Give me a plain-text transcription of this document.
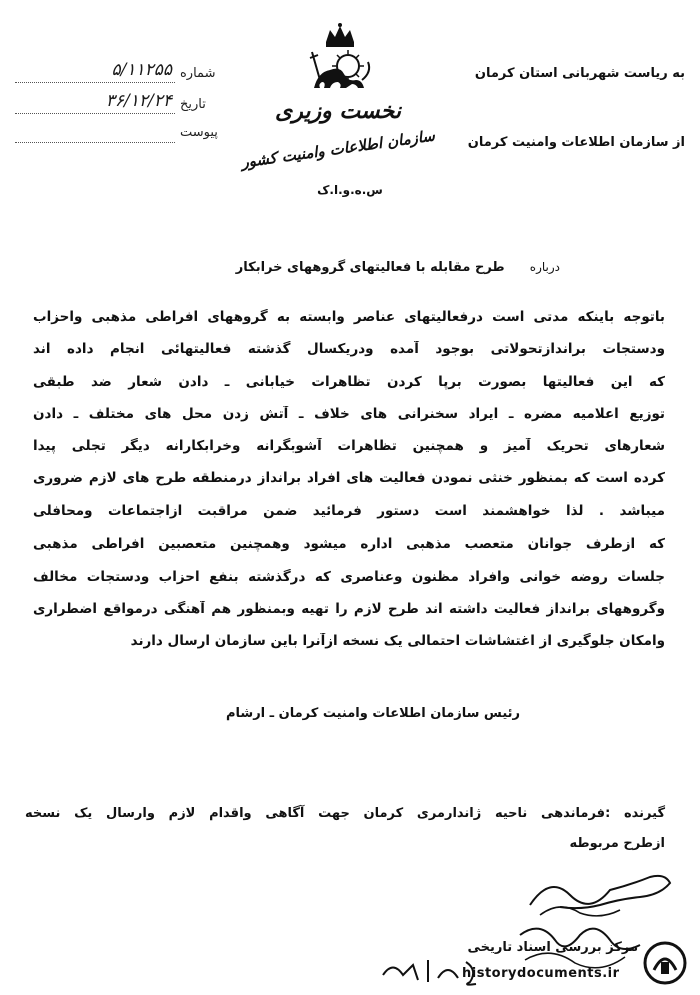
شماره
۵/۱۱۲۵۵
تاریخ
۳۶/۱۲/۲۴
پیوست
نخست وزیری
سازمان اطلاعات وامنیت کشور
س.ه.و.ا.ک
به ریاست شهربانی استان کرمان
از سازمان اطلاعات وامنیت کرمان
درباره طرح مقابله با فعالیتهای گروههای خرابکار
باتوجه باینکه مدتی است درفعالیتهای عناصر وابسته به گروههای افراطی مذهبی واحزاب
ودستجات براندازتحولاتی بوجود آمده ودریکسال گذشته فعالیتهائی انجام داده اند
که این فعالیتها بصورت برپا کردن تظاهرات خیابانی ـ دادن شعار ضد طبقی
توزیع اعلامیه مضره ـ ایراد سخنرانی های خلاف ـ آتش زدن محل های مختلف ـ دادن
شعارهای تحریک آمیز و همچنین تظاهرات آشوبگرانه وخرابکارانه دیگر تجلی پیدا
کرده است که بمنظور خنثی نمودن فعالیت های افراد برانداز درمنطقه طرح های لازم ضروری
میباشد . لذا خواهشمند است دستور فرمائید ضمن مراقبت ازاجتماعات ومحافلی
که ازطرف جوانان متعصب مذهبی اداره میشود وهمچنین متعصبین افراطی مذهبی
جلسات روضه خوانی وافراد مظنون وعناصری که درگذشته بنفع احزاب ودستجات مخالف
وگروههای برانداز فعالیت داشته اند طرح لازم را تهیه وبمنظور هم آهنگی درمواقع اضطراری
وامکان جلوگیری از اغتشاشات احتمالی یک نسخه ازآنرا باین سازمان ارسال دارند
رئیس سازمان اطلاعات وامنیت کرمان ـ ارشام
گیرنده :فرماندهی ناحیه ژاندارمری کرمان جهت آگاهی واقدام لازم وارسال یک نسخه
ازطرح مربوطه
مرکز بررسی اسناد تاریخی
historydocuments.ir
